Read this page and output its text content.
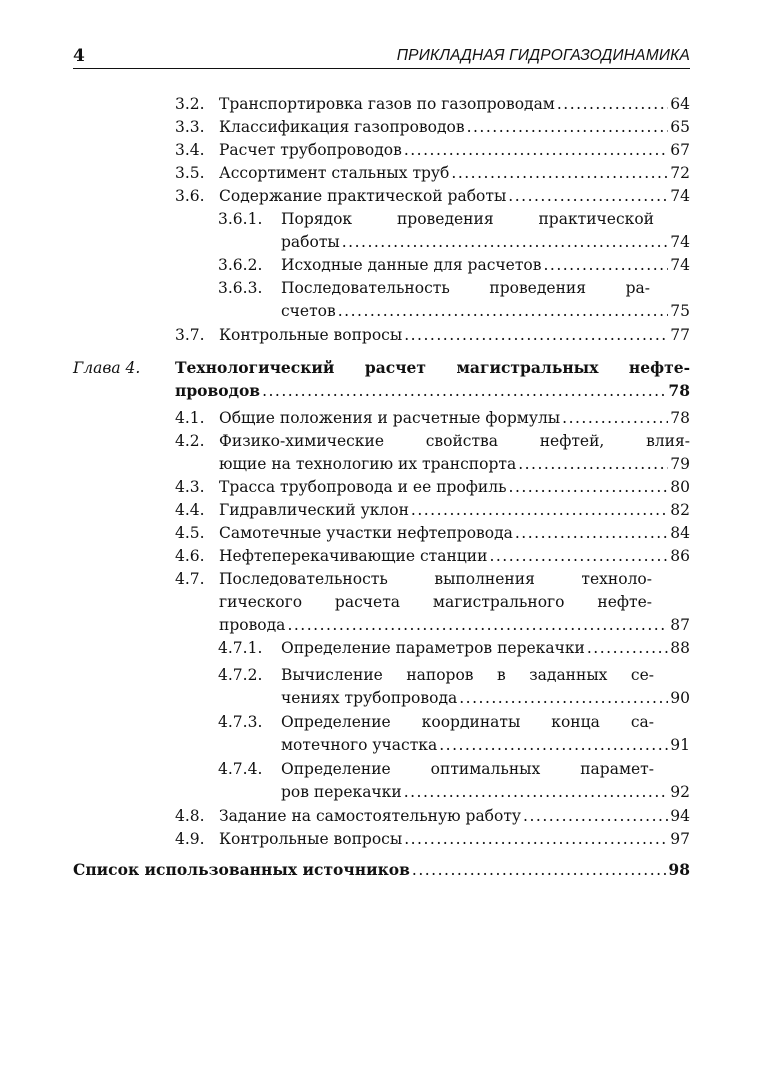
4	ПРИКЛАДНАЯ ГИДРОГАЗОДИНАМИКА
3.2. Транспортировка газов по газопроводам .....	64
3.3. Классификация газопроводов .....	65
3.4. Расчет трубопроводов .....	67
3.5. Ассортимент стальных труб .....	72
3.6. Содержание практической работы .....	74
3.6.1.	Порядок проведения практической
работы .....	74
3.6.2.	Исходные данные для расчетов .....	74
3.6.3.	Последовательность проведения ра-
счетов .....	75
3.7. Контрольные вопросы .....	77
Глава 4. Технологический расчет магистральных нефте-
проводов .....	78
4.1. Общие положения и расчетные формулы .....	78
4.2. Физико-химические свойства нефтей, влия-
ющие на технологию их транспорта .....	79
4.3. Трасса трубопровода и ее профиль .....	80
4.4. Гидравлический уклон .....	82
4.5. Самотечные участки нефтепровода .....	84
4.6. Нефтеперекачивающие станции .....	86
4.7. Последовательность выполнения техноло-
гического расчета магистрального нефте-
провода .....	87
4.7.1.	Определение параметров перекачки .....	88
4.7.2.	Вычисление напоров в заданных се-
чениях трубопровода .....	90
4.7.3.	Определение координаты конца са-
мотечного участка .....	91
4.7.4.	Определение оптимальных парамет-
ров перекачки .....	92
4.8. Задание на самостоятельную работу .....	94
4.9. Контрольные вопросы .....	97
Список использованных источников .....	98
